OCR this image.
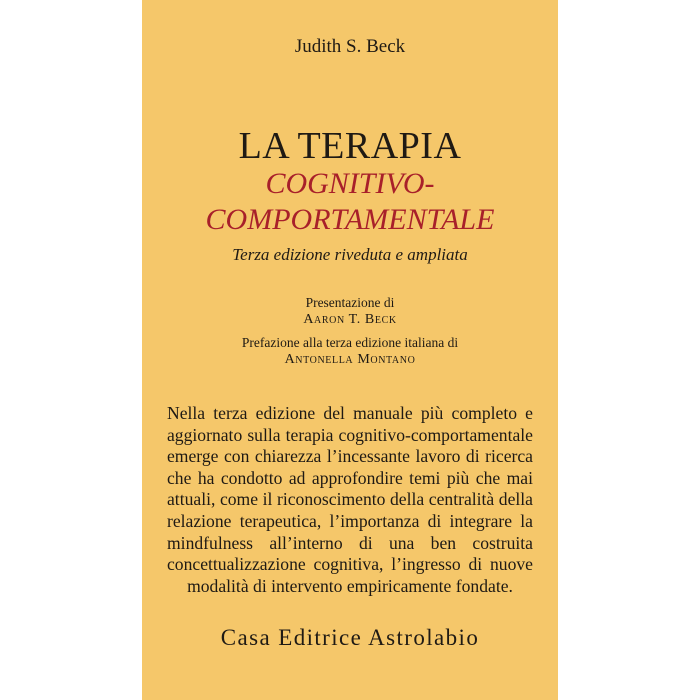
Judith S. Beck
LA TERAPIA
COGNITIVO-
COMPORTAMENTALE
Terza edizione riveduta e ampliata
Presentazione di
Aaron T. Beck
Prefazione alla terza edizione italiana di
Antonella Montano
Nella terza edizione del manuale più completo e aggiornato sulla terapia cognitivo-comportamentale emerge con chiarezza l’incessante lavoro di ricerca che ha condotto ad approfondire temi più che mai attuali, come il riconoscimento della centralità della relazione terapeutica, l’importanza di integrare la mindfulness all’interno di una ben costruita concettualizzazione cognitiva, l’ingresso di nuove modalità di intervento empiricamente fondate.
Casa Editrice Astrolabio
